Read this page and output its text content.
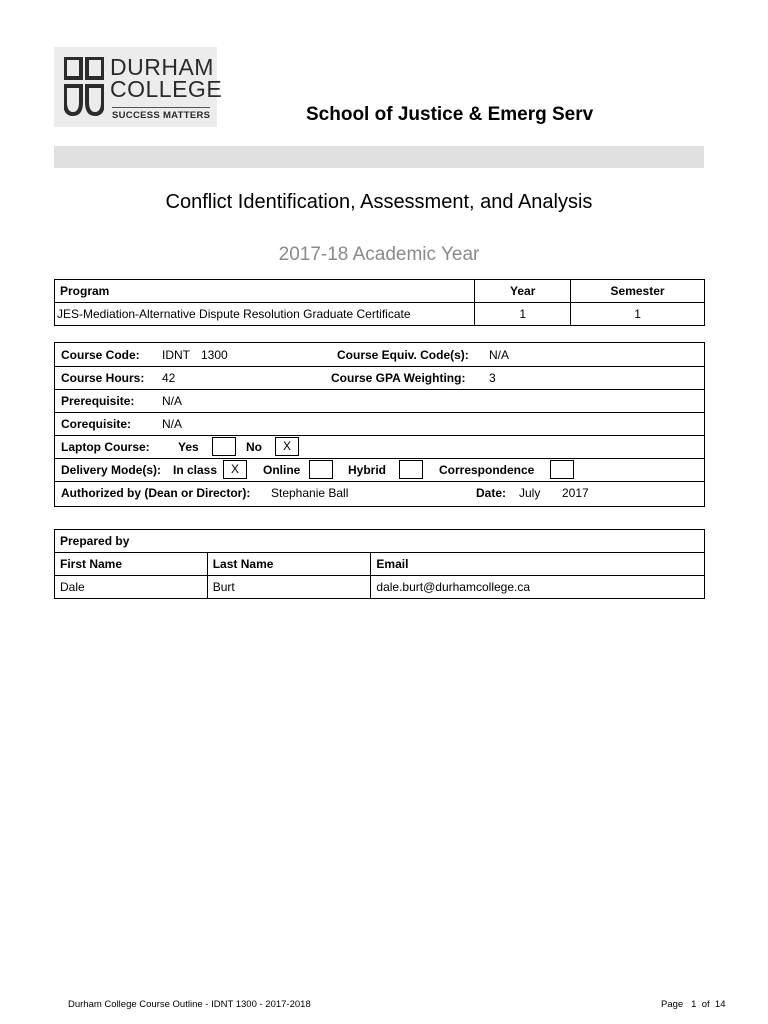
DURHAM
COLLEGE
SUCCESS MATTERS	School of Justice & Emerg Serv
Conflict Identification, Assessment, and Analysis
2017-18 Academic Year
Program	Year	Semester
JES-Mediation-Alternative Dispute Resolution Graduate Certificate	1	1
Course Code: IDNT 1300	Course Equiv. Code(s): N/A
Course Hours: 42	Course GPA Weighting: 3
Prerequisite: N/A
Corequisite:	N/A
Laptop Course: Yes	No	X
Delivery Mode(s): In class	X	Online	Hybrid	Correspondence
Authorized by (Dean or Director): Stephanie Ball	Date: July 2017
Prepared by		
First Name	Last Name	Email
Dale	Burt	dale.burt@durhamcollege.ca
Durham College Course Outline - IDNT 1300 - 2017-2018	Page 1 of 14
